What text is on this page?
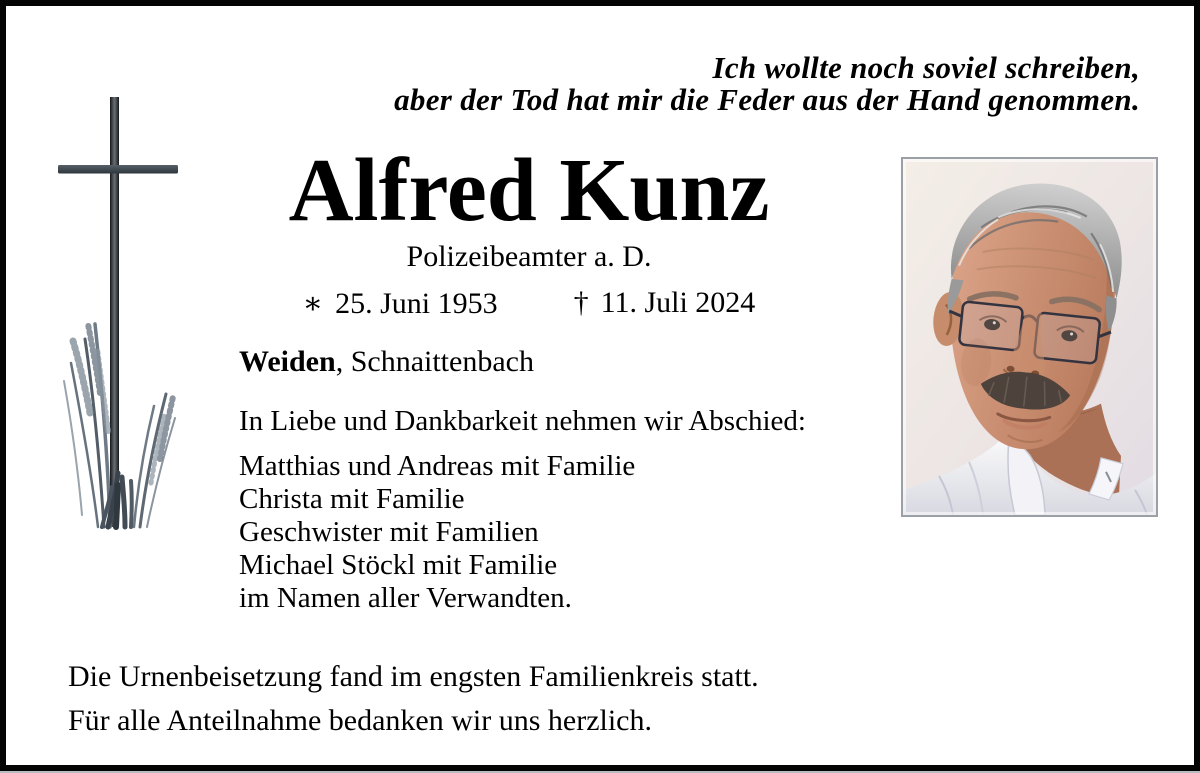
Ich wollte noch soviel schreiben,
aber der Tod hat mir die Feder aus der Hand genommen.
Alfred Kunz
Polizeibeamter a. D.
∗ 25. Juni 1953	† 11. Juli 2024
Weiden, Schnaittenbach

In Liebe und Dankbarkeit nehmen wir Abschied:

Matthias und Andreas mit Familie

Christa mit Familie

Geschwister mit Familien

Michael Stöckl mit Familie

im Namen aller Verwandten.

Die Urnenbeisetzung fand im engsten Familienkreis statt.

Für alle Anteilnahme bedanken wir uns herzlich.
